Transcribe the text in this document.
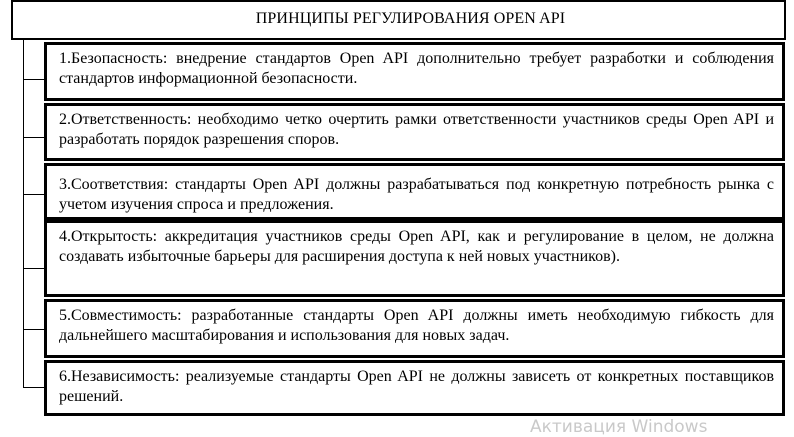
ПРИНЦИПЫ РЕГУЛИРОВАНИЯ OPEN API

1.Безопасность: внедрение стандартов Open API дополнительно требует разработки и соблюдения стандартов информационной безопасности.

2.Ответственность: необходимо четко очертить рамки ответственности участников среды Open API и разработать порядок разрешения споров.

3.Соответствия: стандарты Open API должны разрабатываться под конкретную потребность рынка с учетом изучения спроса и предложения.

4.Открытость: аккредитация участников среды Open API, как и регулирование в целом, не должна создавать избыточные барьеры для расширения доступа к ней новых участников).

5.Совместимость: разработанные стандарты Open API должны иметь необходимую гибкость для дальнейшего масштабирования и использования для новых задач.

6.Независимость: реализуемые стандарты Open API не должны зависеть от конкретных поставщиков решений.

Активация Windows
